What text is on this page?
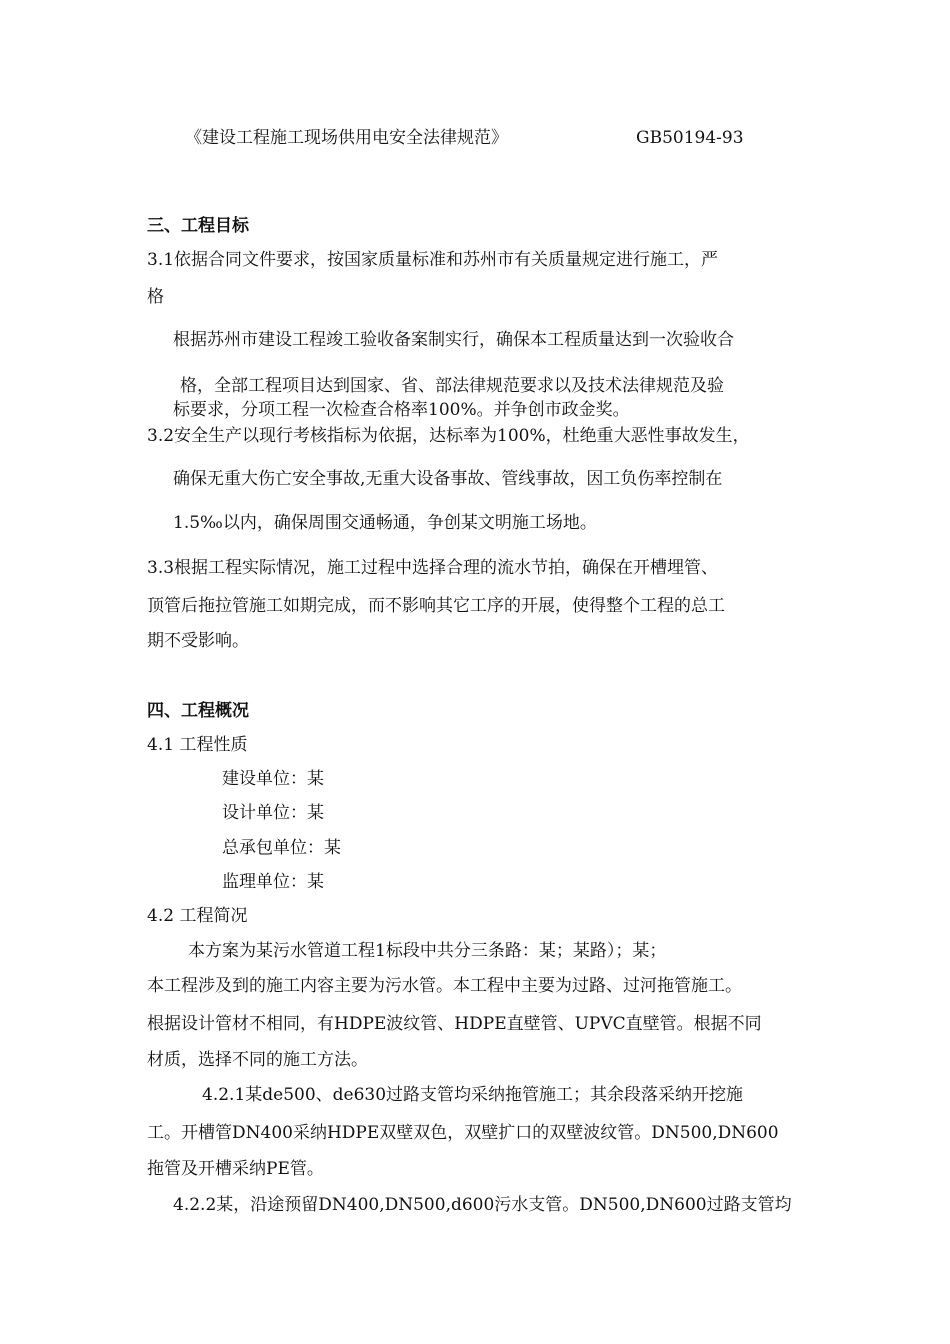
《建设工程施工现场供用电安全法律规范》	GB50194-93
三、工程目标
3.1依据合同文件要求，按国家质量标准和苏州市有关质量规定进行施工，严
格
根据苏州市建设工程竣工验收备案制实行，确保本工程质量达到一次验收合
格，全部工程项目达到国家、省、部法律规范要求以及技术法律规范及验
标要求，分项工程一次检查合格率100%。并争创市政金奖。
3.2安全生产以现行考核指标为依据，达标率为100%，杜绝重大恶性事故发生，
确保无重大伤亡安全事故,无重大设备事故、管线事故，因工负伤率控制在
1.5‰以内，确保周围交通畅通，争创某文明施工场地。
3.3根据工程实际情况，施工过程中选择合理的流水节拍，确保在开槽埋管、
顶管后拖拉管施工如期完成，而不影响其它工序的开展，使得整个工程的总工
期不受影响。
四、工程概况
4.1 工程性质
建设单位：某
设计单位：某
总承包单位：某
监理单位：某
4.2 工程简况
本方案为某污水管道工程1标段中共分三条路：某；某路）；某；
本工程涉及到的施工内容主要为污水管。本工程中主要为过路、过河拖管施工。
根据设计管材不相同，有HDPE波纹管、HDPE直壁管、UPVC直壁管。根据不同
材质，选择不同的施工方法。
4.2.1某de500、de630过路支管均采纳拖管施工；其余段落采纳开挖施
工。开槽管DN400采纳HDPE双壁双色，双壁扩口的双壁波纹管。DN500,DN600
拖管及开槽采纳PE管。
4.2.2某，沿途预留DN400,DN500,d600污水支管。DN500,DN600过路支管均
